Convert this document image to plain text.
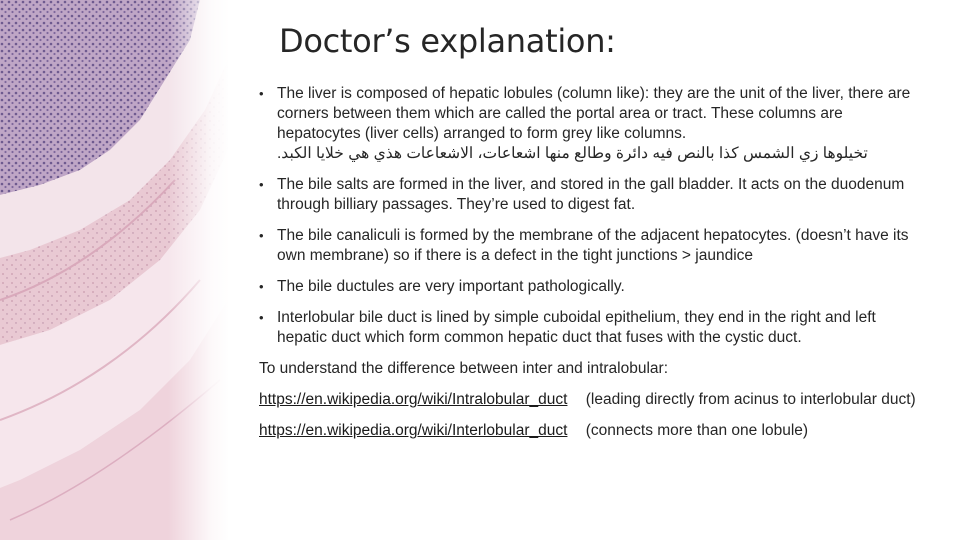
Doctor’s explanation:
• The liver is composed of hepatic lobules (column like): they are the unit of the liver, there are corners between them which are called the portal area or tract. These columns are hepatocytes (liver cells) arranged to form grey like columns.
تخيلوها زي الشمس كذا بالنص فيه دائرة وطالع منها اشعاعات، الاشعاعات هذي هي خلايا الكبد.
• The bile salts are formed in the liver, and stored in the gall bladder. It acts on the duodenum through billiary passages. They’re used to digest fat.
• The bile canaliculi is formed by the membrane of the adjacent hepatocytes. (doesn’t have its own membrane) so if there is a defect in the tight junctions > jaundice
• The bile ductules are very important pathologically.
• Interlobular bile duct is lined by simple cuboidal epithelium, they end in the right and left hepatic duct which form common hepatic duct that fuses with the cystic duct.

To understand the difference between inter and intralobular:

https://en.wikipedia.org/wiki/Intralobular_duct (leading directly from acinus to interlobular duct)

https://en.wikipedia.org/wiki/Interlobular_duct (connects more than one lobule)
